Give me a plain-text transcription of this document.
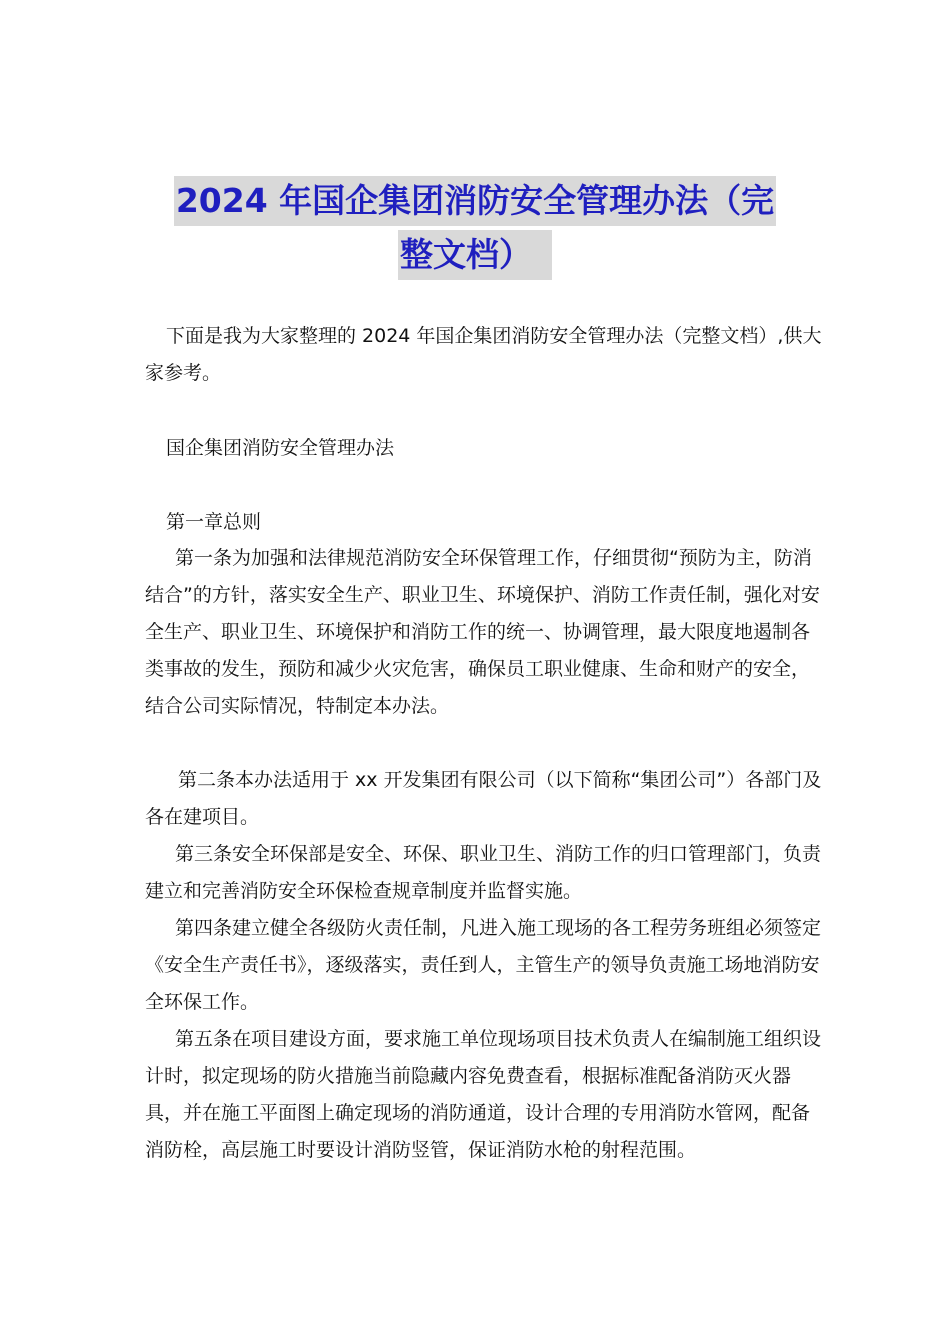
2024 年国企集团消防安全管理办法（完
整文档）

下面是我为大家整理的 2024 年国企集团消防安全管理办法（完整文档）,供大家参考。

国企集团消防安全管理办法

第一章总则

第一条为加强和法律规范消防安全环保管理工作，仔细贯彻“预防为主，防消结合”的方针，落实安全生产、职业卫生、环境保护、消防工作责任制，强化对安全生产、职业卫生、环境保护和消防工作的统一、协调管理，最大限度地遏制各类事故的发生，预防和减少火灾危害，确保员工职业健康、生命和财产的安全，结合公司实际情况，特制定本办法。

第二条本办法适用于 xx 开发集团有限公司（以下简称“集团公司”）各部门及各在建项目。

第三条安全环保部是安全、环保、职业卫生、消防工作的归口管理部门，负责建立和完善消防安全环保检查规章制度并监督实施。

第四条建立健全各级防火责任制，凡进入施工现场的各工程劳务班组必须签定《安全生产责任书》，逐级落实，责任到人，主管生产的领导负责施工场地消防安全环保工作。

第五条在项目建设方面，要求施工单位现场项目技术负责人在编制施工组织设计时，拟定现场的防火措施当前隐藏内容免费查看，根据标准配备消防灭火器具，并在施工平面图上确定现场的消防通道，设计合理的专用消防水管网，配备消防栓，高层施工时要设计消防竖管，保证消防水枪的射程范围。
